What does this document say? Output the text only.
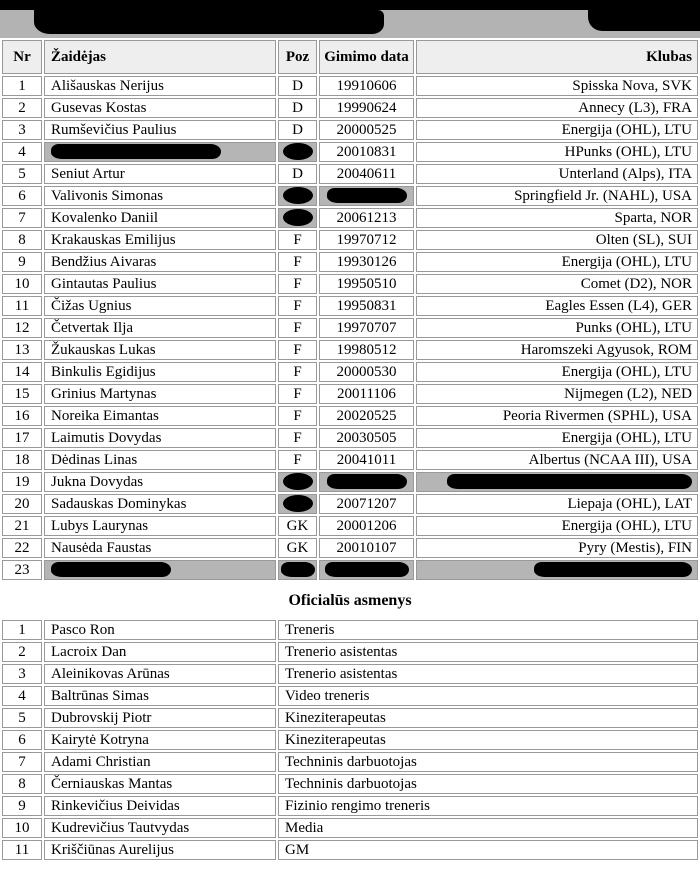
Nr	Žaidėjas	Poz	Gimimo data	Klubas
1	Ališauskas Nerijus	D	19910606	Spisska Nova, SVK
2	Gusevas Kostas	D	19990624	Annecy (L3), FRA
3	Rumševičius Paulius	D	20000525	Energija (OHL), LTU
4			20010831	HPunks (OHL), LTU
5	Seniut Artur	D	20040611	Unterland (Alps), ITA
6	Valivonis Simonas			Springfield Jr. (NAHL), USA
7	Kovalenko Daniil		20061213	Sparta, NOR
8	Krakauskas Emilijus	F	19970712	Olten (SL), SUI
9	Bendžius Aivaras	F	19930126	Energija (OHL), LTU
10	Gintautas Paulius	F	19950510	Comet (D2), NOR
11	Čižas Ugnius	F	19950831	Eagles Essen (L4), GER
12	Četvertak Ilja	F	19970707	Punks (OHL), LTU
13	Žukauskas Lukas	F	19980512	Haromszeki Agyusok, ROM
14	Binkulis Egidijus	F	20000530	Energija (OHL), LTU
15	Grinius Martynas	F	20011106	Nijmegen (L2), NED
16	Noreika Eimantas	F	20020525	Peoria Rivermen (SPHL), USA
17	Laimutis Dovydas	F	20030505	Energija (OHL), LTU
18	Dėdinas Linas	F	20041011	Albertus (NCAA III), USA
19	Jukna Dovydas			
20	Sadauskas Dominykas		20071207	Liepaja (OHL), LAT
21	Lubys Laurynas	GK	20001206	Energija (OHL), LTU
22	Nausėda Faustas	GK	20010107	Pyry (Mestis), FIN
23				
Oficialūs asmenys
1	Pasco Ron	Treneris
2	Lacroix Dan	Trenerio asistentas
3	Aleinikovas Arūnas	Trenerio asistentas
4	Baltrūnas Simas	Video treneris
5	Dubrovskij Piotr	Kineziterapeutas
6	Kairytė Kotryna	Kineziterapeutas
7	Adami Christian	Techninis darbuotojas
8	Černiauskas Mantas	Techninis darbuotojas
9	Rinkevičius Deividas	Fizinio rengimo treneris
10	Kudrevičius Tautvydas	Media
11	Kriščiūnas Aurelijus	GM
